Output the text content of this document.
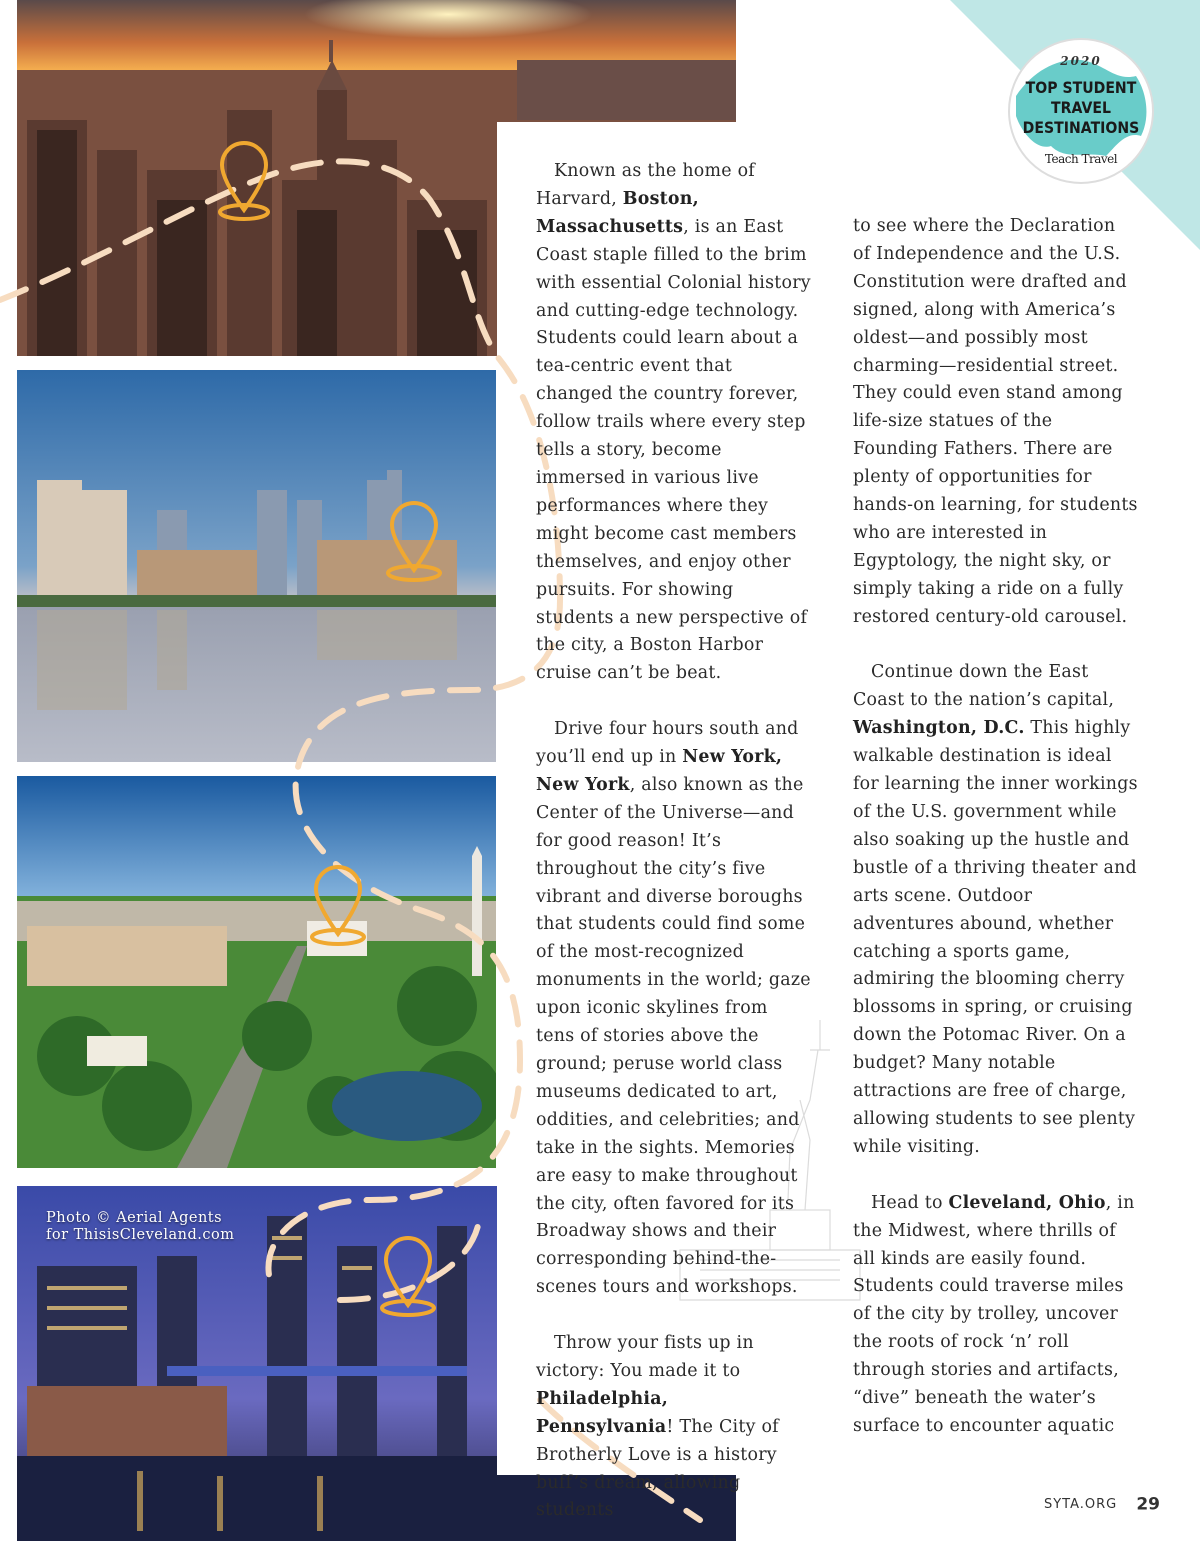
Photo © Aerial Agents
for ThisisCleveland.com
2020
TOP STUDENT
TRAVEL
DESTINATIONS
Teach Travel

Known as the home of Harvard, Boston, Massachusetts, is an East Coast staple filled to the brim with essential Colonial history and cutting-edge technology. Students could learn about a tea-centric event that changed the country forever, follow trails where every step tells a story, become immersed in various live performances where they might become cast members themselves, and enjoy other pursuits. For showing students a new perspective of the city, a Boston Harbor cruise can’t be beat.

Drive four hours south and you’ll end up in New York, New York, also known as the Center of the Universe—and for good reason! It’s throughout the city’s five vibrant and diverse boroughs that students could find some of the most-recognized monuments in the world; gaze upon iconic skylines from tens of stories above the ground; peruse world class museums dedicated to art, oddities, and celebrities; and take in the sights. Memories are easy to make throughout the city, often favored for its Broadway shows and their corresponding behind-the-scenes tours and workshops.

Throw your fists up in victory: You made it to Philadelphia, Pennsylvania! The City of Brotherly Love is a history buff’s dream, allowing students

to see where the Declaration of Independence and the U.S. Constitution were drafted and signed, along with America’s oldest—and possibly most charming—residential street. They could even stand among life-size statues of the Founding Fathers. There are plenty of opportunities for hands-on learning, for students who are interested in Egyptology, the night sky, or simply taking a ride on a fully restored century-old carousel.

Continue down the East Coast to the nation’s capital, Washington, D.C. This highly walkable destination is ideal for learning the inner workings of the U.S. government while also soaking up the hustle and bustle of a thriving theater and arts scene. Outdoor adventures abound, whether catching a sports game, admiring the blooming cherry blossoms in spring, or cruising down the Potomac River. On a budget? Many notable attractions are free of charge, allowing students to see plenty while visiting.

Head to Cleveland, Ohio, in the Midwest, where thrills of all kinds are easily found. Students could traverse miles of the city by trolley, uncover the roots of rock ‘n’ roll through stories and artifacts, “dive” beneath the water’s surface to encounter aquatic

SYTA.ORG 29
